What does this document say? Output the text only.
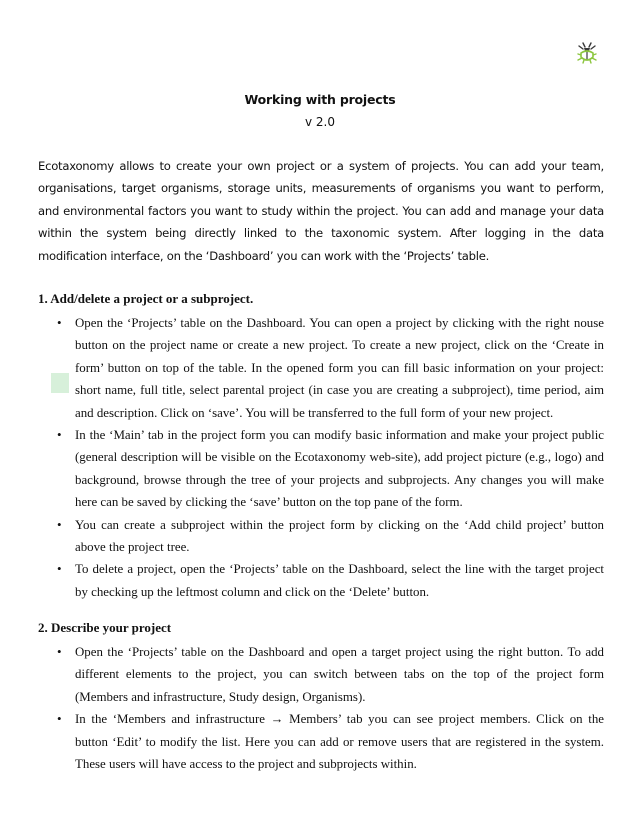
Working with projects
v 2.0

Ecotaxonomy allows to create your own project or a system of projects. You can add your team, organisations, target organisms, storage units, measurements of organisms you want to perform, and environmental factors you want to study within the project. You can add and manage your data within the system being directly linked to the taxonomic system. After logging in the data modification interface, on the ‘Dashboard’ you can work with the ‘Projects’ table.

1. Add/delete a project or a subproject.
• Open the ‘Projects’ table on the Dashboard. You can open a project by clicking with the right nouse button on the project name or create a new project. To create a new project, click on the ‘Create in form’ button on top of the table. In the opened form you can fill basic information on your project: short name, full title, select parental project (in case you are creating a subproject), time period, aim and description. Click on ‘save’. You will be transferred to the full form of your new project.
• In the ‘Main’ tab in the project form you can modify basic information and make your project public (general description will be visible on the Ecotaxonomy web-site), add project picture (e.g., logo) and background, browse through the tree of your projects and subprojects. Any changes you will make here can be saved by clicking the ‘save’ button on the top pane of the form.
• You can create a subproject within the project form by clicking on the ‘Add child project’ button above the project tree.
• To delete a project, open the ‘Projects’ table on the Dashboard, select the line with the target project by checking up the leftmost column and click on the ‘Delete’ button.
2. Describe your project
• Open the ‘Projects’ table on the Dashboard and open a target project using the right button. To add different elements to the project, you can switch between tabs on the top of the project form (Members and infrastructure, Study design, Organisms).
• In the ‘Members and infrastructure → Members’ tab you can see project members. Click on the button ‘Edit’ to modify the list. Here you can add or remove users that are registered in the system. These users will have access to the project and subprojects within.
